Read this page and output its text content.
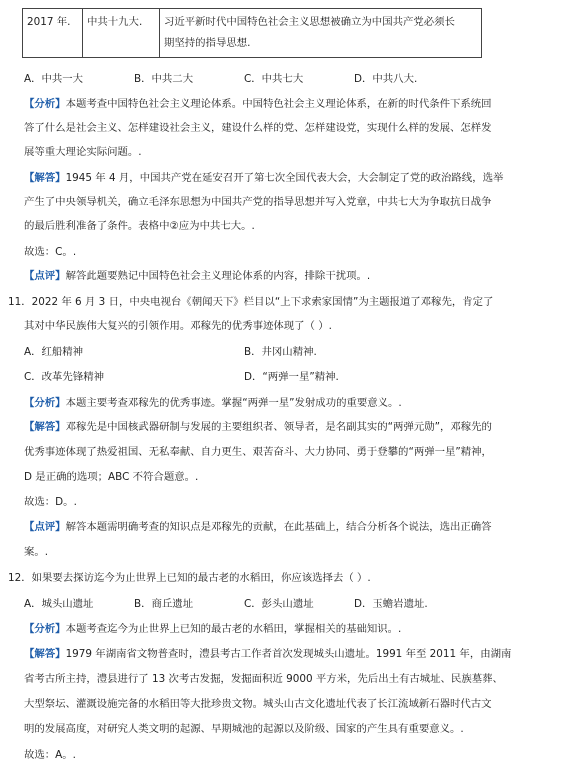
2017 年.	中共十九大.	习近平新时代中国特色社会主义思想被确立为中国共产党必须长
期坚持的指导思想.
A．中共一大	B．中共二大	C．中共七大	D．中共八大.
【分析】本题考查中国特色社会主义理论体系。中国特色社会主义理论体系，在新的时代条件下系统回
答了什么是社会主义、怎样建设社会主义，建设什么样的党、怎样建设党，实现什么样的发展、怎样发
展等重大理论实际问题。.
【解答】1945 年 4 月，中国共产党在延安召开了第七次全国代表大会，大会制定了党的政治路线，选举
产生了中央领导机关，确立毛泽东思想为中国共产党的指导思想并写入党章，中共七大为争取抗日战争
的最后胜利准备了条件。表格中②应为中共七大。.
故选：C。.
【点评】解答此题要熟记中国特色社会主义理论体系的内容，排除干扰项。.
11．2022 年 6 月 3 日，中央电视台《朝闻天下》栏目以“上下求索家国情”为主题报道了邓稼先，肯定了
其对中华民族伟大复兴的引领作用。邓稼先的优秀事迹体现了（ ）.
A．红船精神	B．井冈山精神.
C．改革先锋精神	D．“两弹一星”精神.
【分析】本题主要考查邓稼先的优秀事迹。掌握“两弹一星”发射成功的重要意义。.
【解答】邓稼先是中国核武器研制与发展的主要组织者、领导者，是名副其实的“两弹元勋”，邓稼先的
优秀事迹体现了热爱祖国、无私奉献、自力更生、艰苦奋斗、大力协同、勇于登攀的“两弹一星”精神，
D 是正确的选项；ABC 不符合题意。.
故选：D。.
【点评】解答本题需明确考查的知识点是邓稼先的贡献，在此基础上，结合分析各个说法，选出正确答
案。.
12．如果要去探访迄今为止世界上已知的最古老的水稻田，你应该选择去（ ）.
A．城头山遗址	B．商丘遗址	C．彭头山遗址	D．玉蟾岩遗址.
【分析】本题考查迄今为止世界上已知的最古老的水稻田，掌握相关的基础知识。.
【解答】1979 年湖南省文物普查时，澧县考古工作者首次发现城头山遗址。1991 年至 2011 年，由湖南
省考古所主持，澧县进行了 13 次考古发掘，发掘面积近 9000 平方米，先后出土有古城址、民族墓葬、
大型祭坛、灌溉设施完备的水稻田等大批珍贵文物。城头山古文化遗址代表了长江流域新石器时代古文
明的发展高度，对研究人类文明的起源、早期城池的起源以及阶级、国家的产生具有重要意义。.
故选：A。.
